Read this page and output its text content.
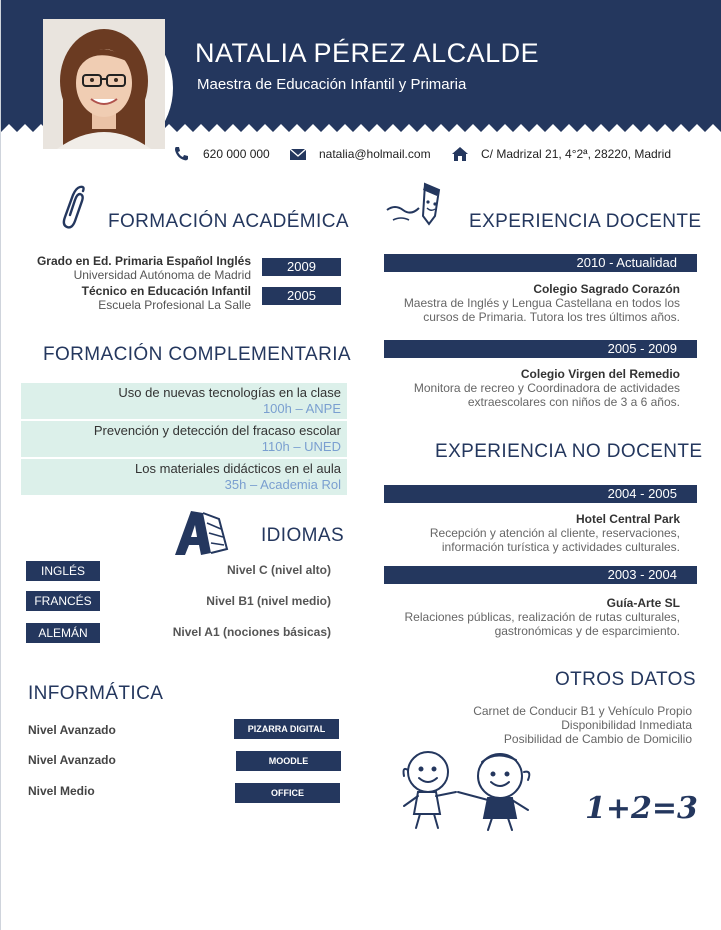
NATALIA PÉREZ ALCALDE
Maestra de Educación Infantil y Primaria
620 000 000	natalia@holmail.com	C/ Madrizal 21, 4°2ª, 28220, Madrid
FORMACIÓN ACADÉMICA
Grado en Ed. Primaria Español Inglés
Universidad Autónoma de Madrid
2009
Técnico en Educación Infantil
Escuela Profesional La Salle
2005
FORMACIÓN COMPLEMENTARIA
Uso de nuevas tecnologías en la clase
100h – ANPE
Prevención y detección del fracaso escolar
110h – UNED
Los materiales didácticos en el aula
35h – Academia Rol
IDIOMAS
INGLÉS	Nivel C (nivel alto)
FRANCÉS	Nivel B1 (nivel medio)
ALEMÁN	Nivel A1 (nociones básicas)
INFORMÁTICA
Nivel Avanzado	PIZARRA DIGITAL
Nivel Avanzado	MOODLE
Nivel Medio	OFFICE
EXPERIENCIA DOCENTE
2010 - Actualidad
Colegio Sagrado Corazón
Maestra de Inglés y Lengua Castellana en todos los
cursos de Primaria. Tutora los tres últimos años.
2005 - 2009
Colegio Virgen del Remedio
Monitora de recreo y Coordinadora de actividades
extraescolares con niños de 3 a 6 años.
EXPERIENCIA NO DOCENTE
2004 - 2005
Hotel Central Park
Recepción y atención al cliente, reservaciones,
información turística y actividades culturales.
2003 - 2004
Guía-Arte SL
Relaciones públicas, realización de rutas culturales,
gastronómicas y de esparcimiento.
OTROS DATOS
Carnet de Conducir B1 y Vehículo Propio
Disponibilidad Inmediata
Posibilidad de Cambio de Domicilio
1+2=3
